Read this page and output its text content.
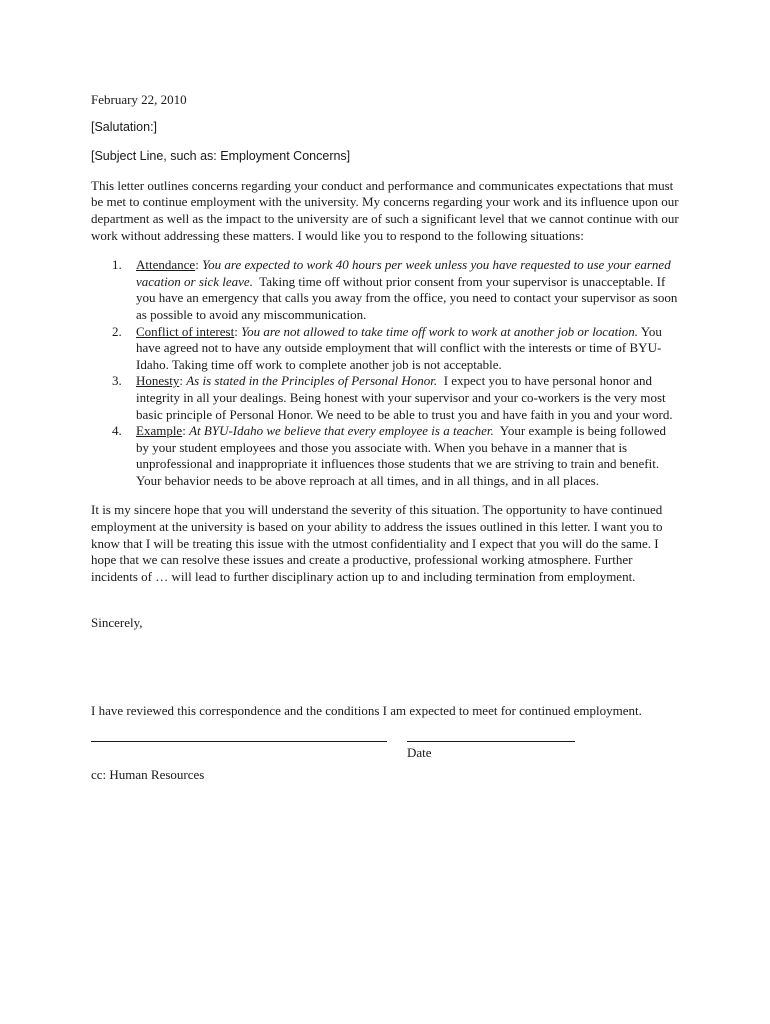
February 22, 2010

[Salutation:]

[Subject Line, such as: Employment Concerns]

This letter outlines concerns regarding your conduct and performance and communicates expectations that must be met to continue employment with the university. My concerns regarding your work and its influence upon our department as well as the impact to the university are of such a significant level that we cannot continue with our work without addressing these matters. I would like you to respond to the following situations:

1. Attendance: You are expected to work 40 hours per week unless you have requested to use your earned vacation or sick leave. Taking time off without prior consent from your supervisor is unacceptable. If you have an emergency that calls you away from the office, you need to contact your supervisor as soon as possible to avoid any miscommunication.
2. Conflict of interest: You are not allowed to take time off work to work at another job or location. You have agreed not to have any outside employment that will conflict with the interests or time of BYU-Idaho. Taking time off work to complete another job is not acceptable.
3. Honesty: As is stated in the Principles of Personal Honor. I expect you to have personal honor and integrity in all your dealings. Being honest with your supervisor and your co-workers is the very most basic principle of Personal Honor. We need to be able to trust you and have faith in you and your word.
4. Example: At BYU-Idaho we believe that every employee is a teacher. Your example is being followed by your student employees and those you associate with. When you behave in a manner that is unprofessional and inappropriate it influences those students that we are striving to train and benefit. Your behavior needs to be above reproach at all times, and in all things, and in all places.

It is my sincere hope that you will understand the severity of this situation. The opportunity to have continued employment at the university is based on your ability to address the issues outlined in this letter. I want you to know that I will be treating this issue with the utmost confidentiality and I expect that you will do the same. I hope that we can resolve these issues and create a productive, professional working atmosphere. Further incidents of … will lead to further disciplinary action up to and including termination from employment.

Sincerely,

I have reviewed this correspondence and the conditions I am expected to meet for continued employment.

Date

cc: Human Resources
